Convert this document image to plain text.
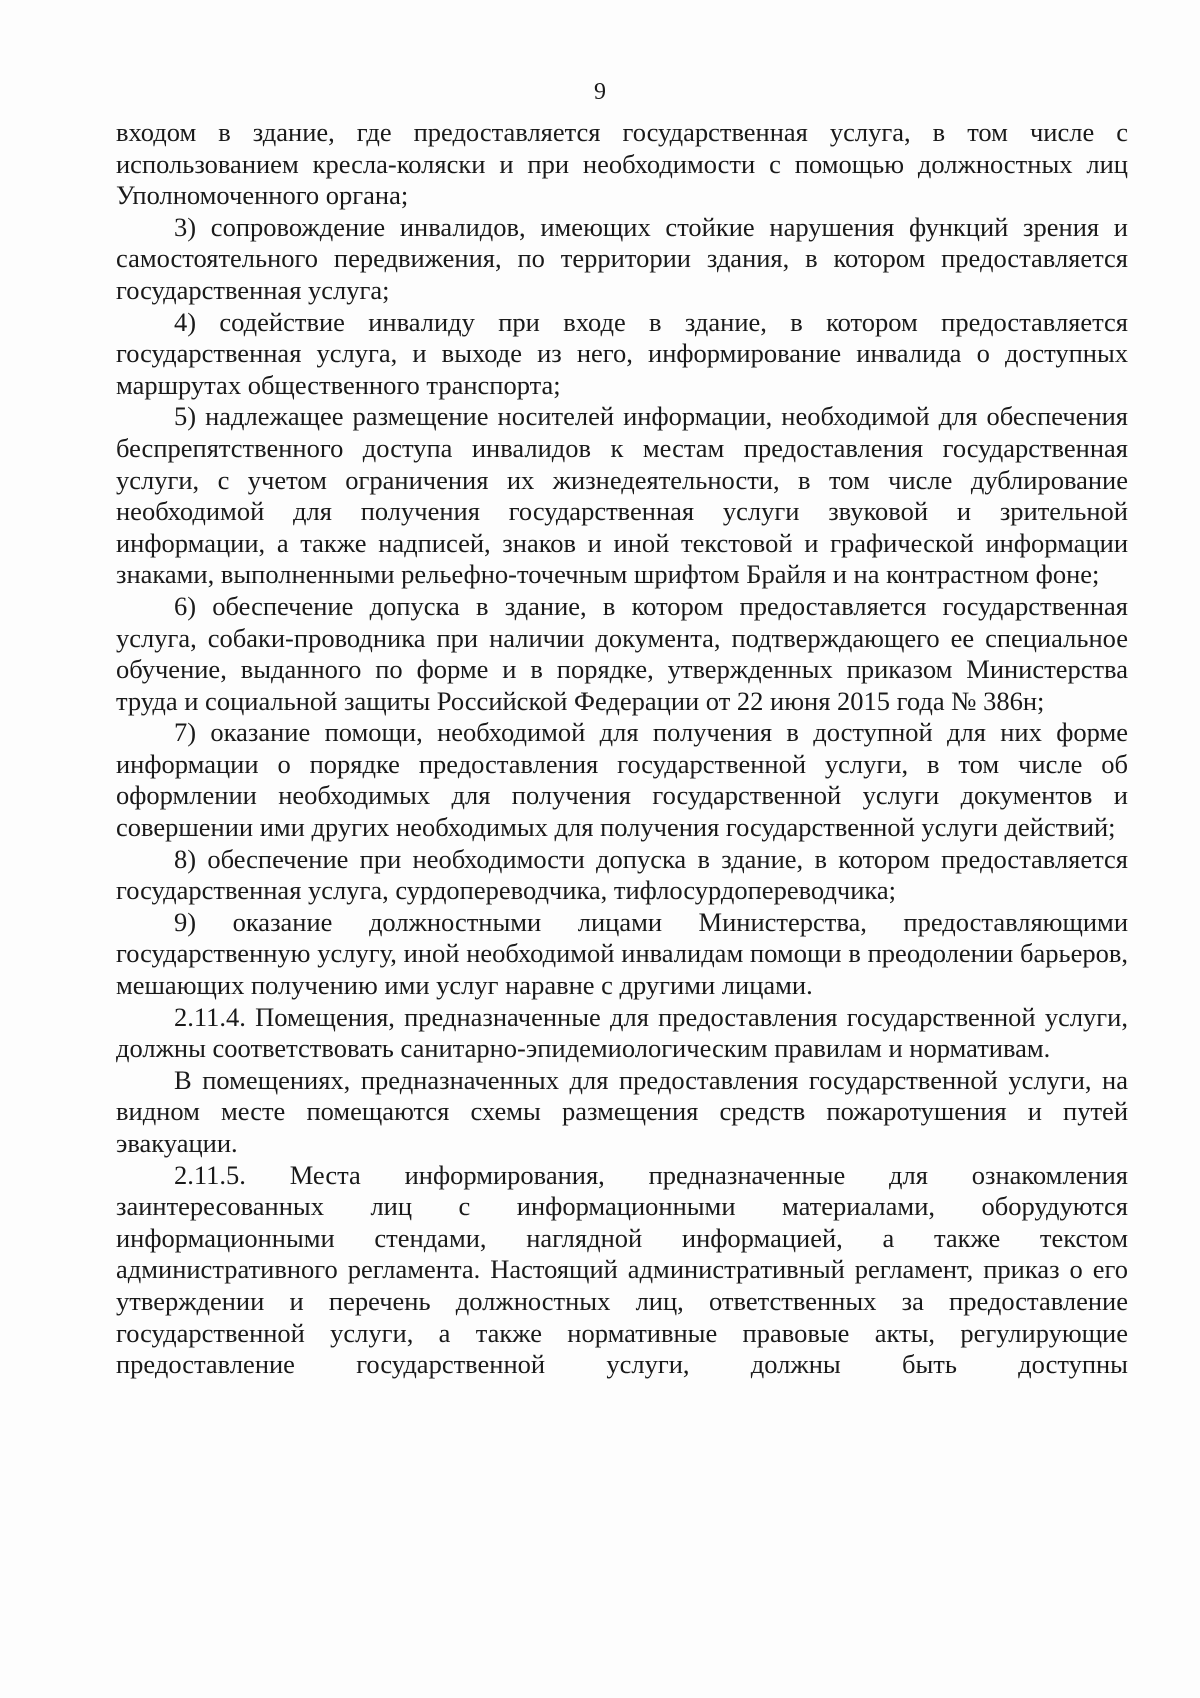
9

входом в здание, где предоставляется государственная услуга, в том числе с использованием кресла-коляски и при необходимости с помощью должностных лиц Уполномоченного органа;

3) сопровождение инвалидов, имеющих стойкие нарушения функций зрения и самостоятельного передвижения, по территории здания, в котором предоставляется государственная услуга;

4) содействие инвалиду при входе в здание, в котором предоставляется государственная услуга, и выходе из него, информирование инвалида о доступных маршрутах общественного транспорта;

5) надлежащее размещение носителей информации, необходимой для обеспечения беспрепятственного доступа инвалидов к местам предоставления государственная услуги, с учетом ограничения их жизнедеятельности, в том числе дублирование необходимой для получения государственная услуги звуковой и зрительной информации, а также надписей, знаков и иной текстовой и графической информации знаками, выполненными рельефно-точечным шрифтом Брайля и на контрастном фоне;

6) обеспечение допуска в здание, в котором предоставляется государственная услуга, собаки-проводника при наличии документа, подтверждающего ее специальное обучение, выданного по форме и в порядке, утвержденных приказом Министерства труда и социальной защиты Российской Федерации от 22 июня 2015 года № 386н;

7) оказание помощи, необходимой для получения в доступной для них форме информации о порядке предоставления государственной услуги, в том числе об оформлении необходимых для получения государственной услуги документов и совершении ими других необходимых для получения государственной услуги действий;

8) обеспечение при необходимости допуска в здание, в котором предоставляется государственная услуга, сурдопереводчика, тифлосурдопереводчика;

9) оказание должностными лицами Министерства, предоставляющими государственную услугу, иной необходимой инвалидам помощи в преодолении барьеров, мешающих получению ими услуг наравне с другими лицами.

2.11.4. Помещения, предназначенные для предоставления государственной услуги, должны соответствовать санитарно-эпидемиологическим правилам и нормативам.

В помещениях, предназначенных для предоставления государственной услуги, на видном месте помещаются схемы размещения средств пожаротушения и путей эвакуации.

2.11.5. Места информирования, предназначенные для ознакомления заинтересованных лиц с информационными материалами, оборудуются информационными стендами, наглядной информацией, а также текстом административного регламента. Настоящий административный регламент, приказ о его утверждении и перечень должностных лиц, ответственных за предоставление государственной услуги, а также нормативные правовые акты, регулирующие предоставление государственной услуги, должны быть доступны
